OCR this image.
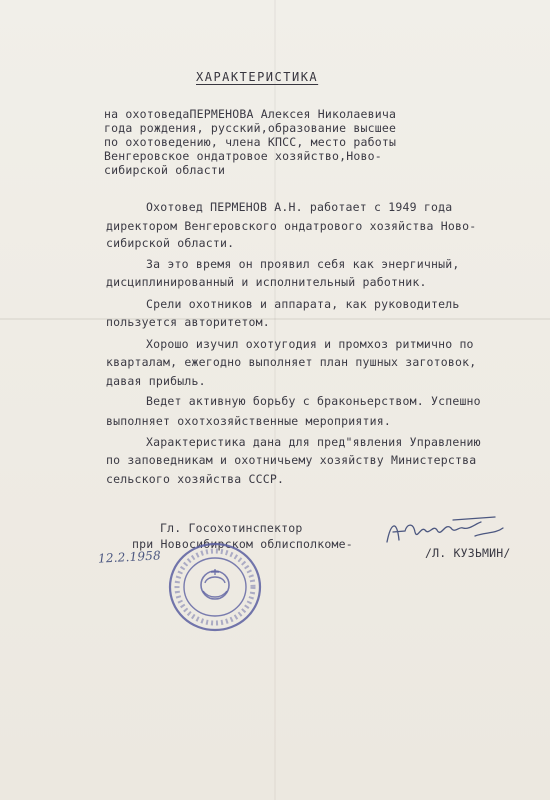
ХАРАКТЕРИСТИКА
на охотоведаПЕРМЕНОВА Алексея Николаевича
года рождения, русский,образование высшее
по охотоведению, члена КПСС, место работы
Венгеровское ондатровое хозяйство,Ново-
сибирской области
Охотовед ПЕРМЕНОВ А.Н. работает с 1949 года
директором Венгеровского ондатрового хозяйства Ново-
сибирской области.
За это время он проявил себя как энергичный,
дисциплинированный и исполнительный работник.
Срели охотников и аппарата, как руководитель
пользуется авторитетом.
Хорошо изучил охотугодия и промхоз ритмично по
кварталам, ежегодно выполняет план пушных заготовок,
давая прибыль.
Ведет активную борьбу с браконьерством. Успешно
выполняет охотхозяйственные мероприятия.
Характеристика дана для пред"явления Управлению
по заповедникам и охотничьему хозяйству Министерства
сельского хозяйства СССР.
Гл. Госохотинспектор
при Новосибирском облисполкоме-
/Л. КУЗЬМИН/
12.2.1958
